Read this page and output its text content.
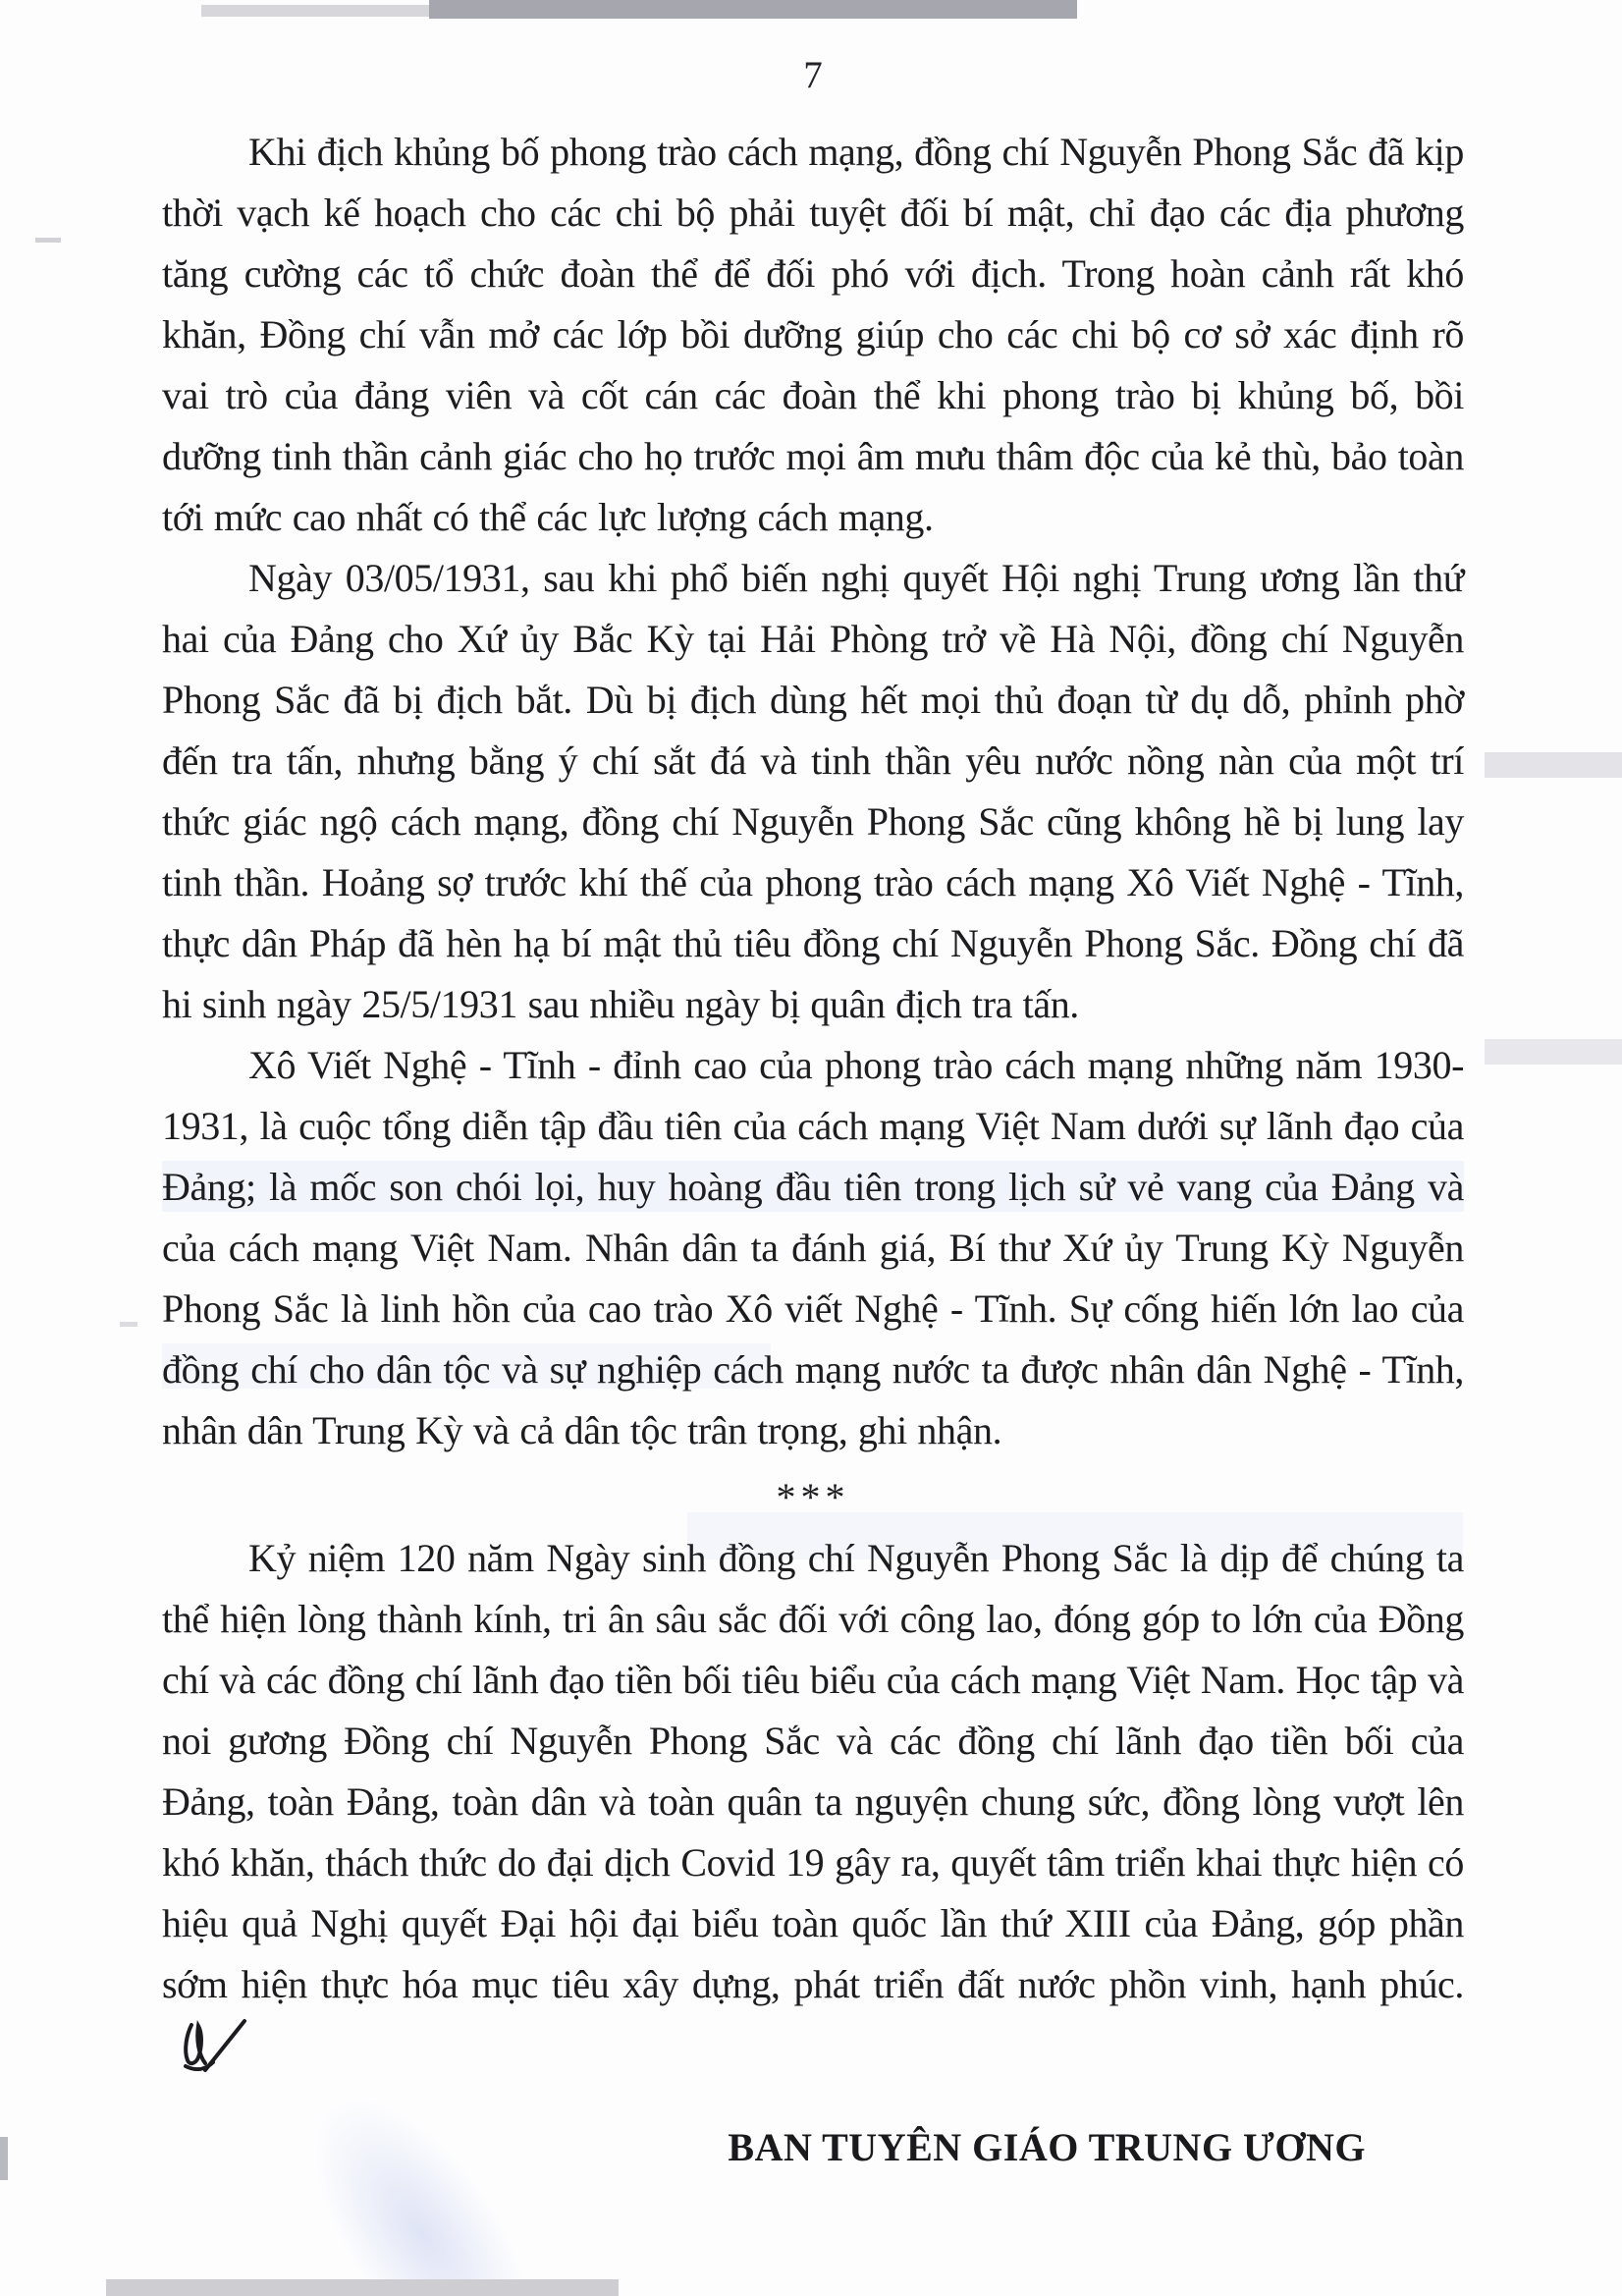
7

Khi địch khủng bố phong trào cách mạng, đồng chí Nguyễn Phong Sắc đã kịp thời vạch kế hoạch cho các chi bộ phải tuyệt đối bí mật, chỉ đạo các địa phương tăng cường các tổ chức đoàn thể để đối phó với địch. Trong hoàn cảnh rất khó khăn, Đồng chí vẫn mở các lớp bồi dưỡng giúp cho các chi bộ cơ sở xác định rõ vai trò của đảng viên và cốt cán các đoàn thể khi phong trào bị khủng bố, bồi dưỡng tinh thần cảnh giác cho họ trước mọi âm mưu thâm độc của kẻ thù, bảo toàn tới mức cao nhất có thể các lực lượng cách mạng.

Ngày 03/05/1931, sau khi phổ biến nghị quyết Hội nghị Trung ương lần thứ hai của Đảng cho Xứ ủy Bắc Kỳ tại Hải Phòng trở về Hà Nội, đồng chí Nguyễn Phong Sắc đã bị địch bắt. Dù bị địch dùng hết mọi thủ đoạn từ dụ dỗ, phỉnh phờ đến tra tấn, nhưng bằng ý chí sắt đá và tinh thần yêu nước nồng nàn của một trí thức giác ngộ cách mạng, đồng chí Nguyễn Phong Sắc cũng không hề bị lung lay tinh thần. Hoảng sợ trước khí thế của phong trào cách mạng Xô Viết Nghệ - Tĩnh, thực dân Pháp đã hèn hạ bí mật thủ tiêu đồng chí Nguyễn Phong Sắc. Đồng chí đã hi sinh ngày 25/5/1931 sau nhiều ngày bị quân địch tra tấn.

Xô Viết Nghệ - Tĩnh - đỉnh cao của phong trào cách mạng những năm 1930-1931, là cuộc tổng diễn tập đầu tiên của cách mạng Việt Nam dưới sự lãnh đạo của Đảng; là mốc son chói lọi, huy hoàng đầu tiên trong lịch sử vẻ vang của Đảng và của cách mạng Việt Nam. Nhân dân ta đánh giá, Bí thư Xứ ủy Trung Kỳ Nguyễn Phong Sắc là linh hồn của cao trào Xô viết Nghệ - Tĩnh. Sự cống hiến lớn lao của đồng chí cho dân tộc và sự nghiệp cách mạng nước ta được nhân dân Nghệ - Tĩnh, nhân dân Trung Kỳ và cả dân tộc trân trọng, ghi nhận.

***

Kỷ niệm 120 năm Ngày sinh đồng chí Nguyễn Phong Sắc là dịp để chúng ta thể hiện lòng thành kính, tri ân sâu sắc đối với công lao, đóng góp to lớn của Đồng chí và các đồng chí lãnh đạo tiền bối tiêu biểu của cách mạng Việt Nam. Học tập và noi gương Đồng chí Nguyễn Phong Sắc và các đồng chí lãnh đạo tiền bối của Đảng, toàn Đảng, toàn dân và toàn quân ta nguyện chung sức, đồng lòng vượt lên khó khăn, thách thức do đại dịch Covid 19 gây ra, quyết tâm triển khai thực hiện có hiệu quả Nghị quyết Đại hội đại biểu toàn quốc lần thứ XIII của Đảng, góp phần sớm hiện thực hóa mục tiêu xây dựng, phát triển đất nước phồn vinh, hạnh phúc.

BAN TUYÊN GIÁO TRUNG ƯƠNG
